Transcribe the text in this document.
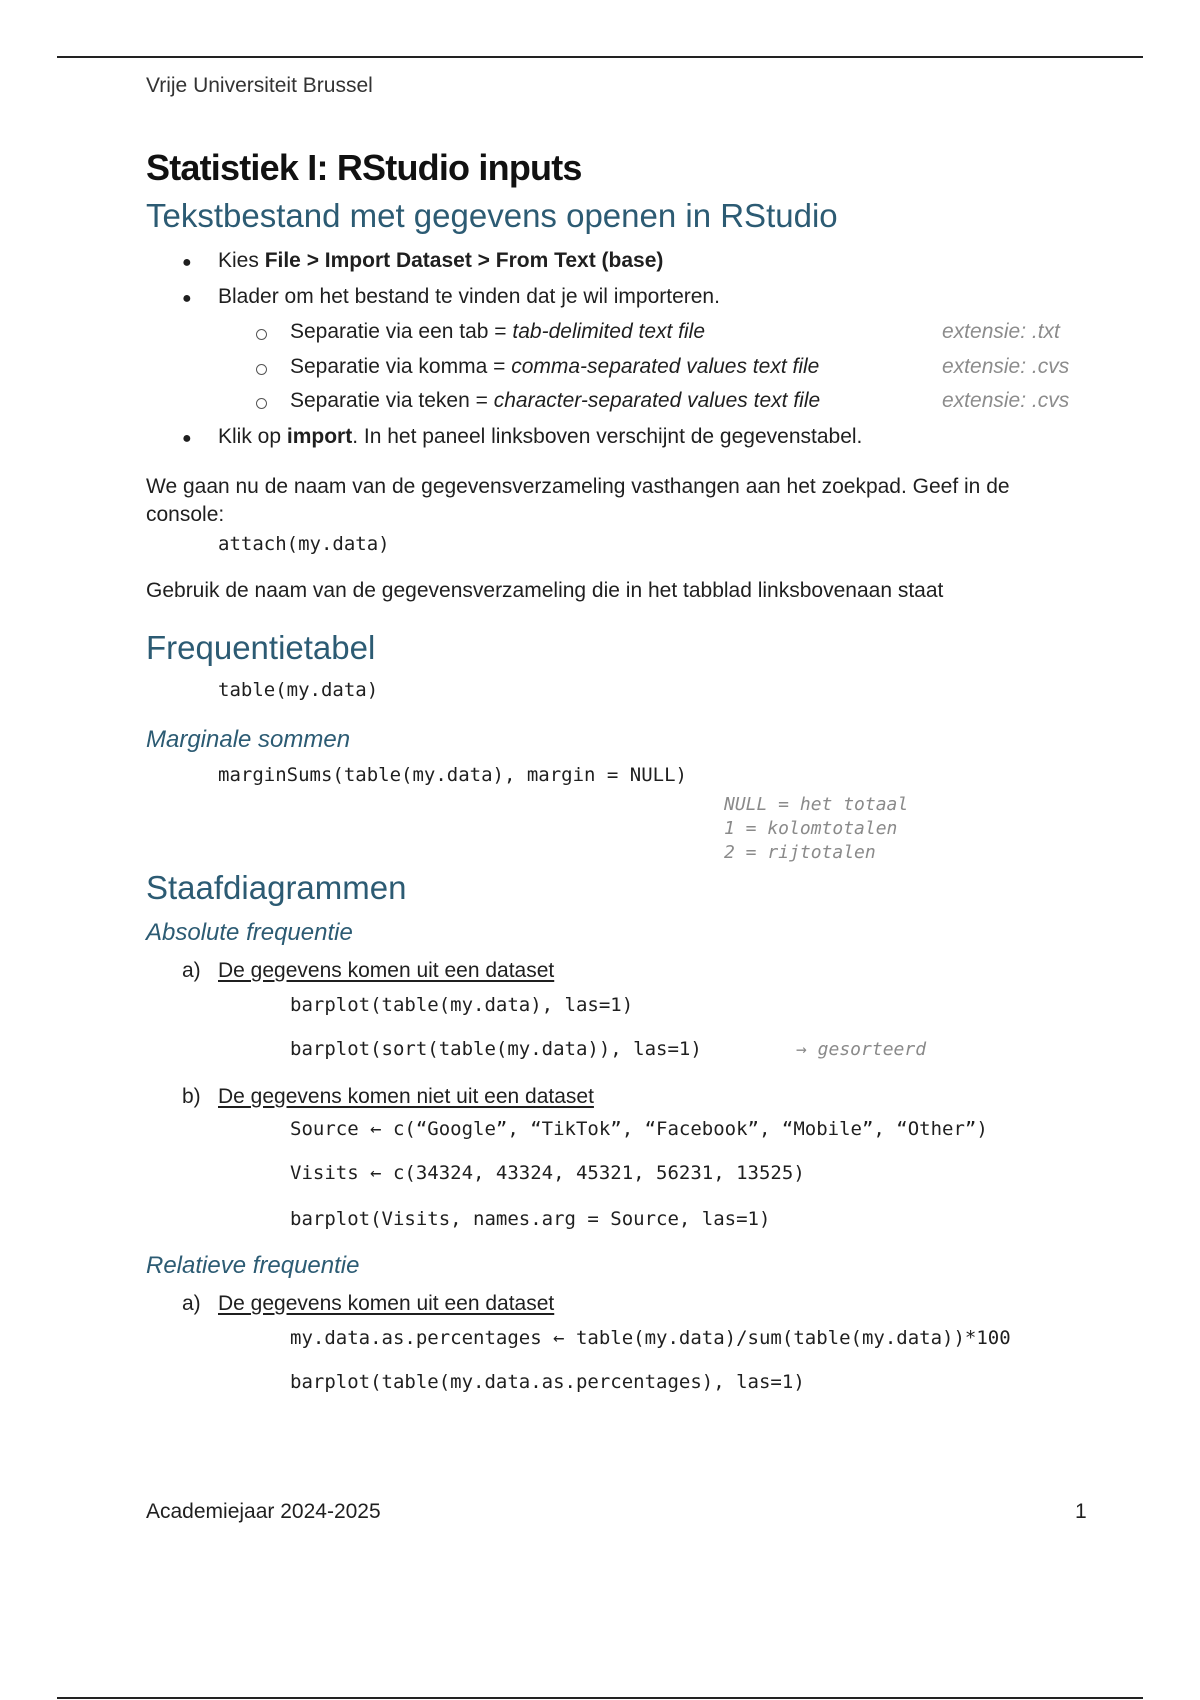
Vrije Universiteit Brussel
Statistiek I: RStudio inputs
Tekstbestand met gegevens openen in RStudio
● Kies File > Import Dataset > From Text (base)
● Blader om het bestand te vinden dat je wil importeren.
Separatie via een tab = tab-delimited text file	extensie: .txt
Separatie via komma = comma-separated values text file	extensie: .cvs
Separatie via teken = character-separated values text file	extensie: .cvs
● Klik op import. In het paneel linksboven verschijnt de gegevenstabel.
We gaan nu de naam van de gegevensverzameling vasthangen aan het zoekpad. Geef in de
console:
attach(my.data)
Gebruik de naam van de gegevensverzameling die in het tabblad linksbovenaan staat
Frequentietabel
table(my.data)
Marginale sommen
marginSums(table(my.data), margin = NULL)
NULL = het totaal
1 = kolomtotalen
2 = rijtotalen
Staafdiagrammen
Absolute frequentie
a) De gegevens komen uit een dataset
barplot(table(my.data), las=1)
barplot(sort(table(my.data)), las=1)	→ gesorteerd
b) De gegevens komen niet uit een dataset
Source ← c(“Google”, “TikTok”, “Facebook”, “Mobile”, “Other”)
Visits ← c(34324, 43324, 45321, 56231, 13525)
barplot(Visits, names.arg = Source, las=1)
Relatieve frequentie
a) De gegevens komen uit een dataset
my.data.as.percentages ← table(my.data)/sum(table(my.data))*100
barplot(table(my.data.as.percentages), las=1)
Academiejaar 2024-2025	1
